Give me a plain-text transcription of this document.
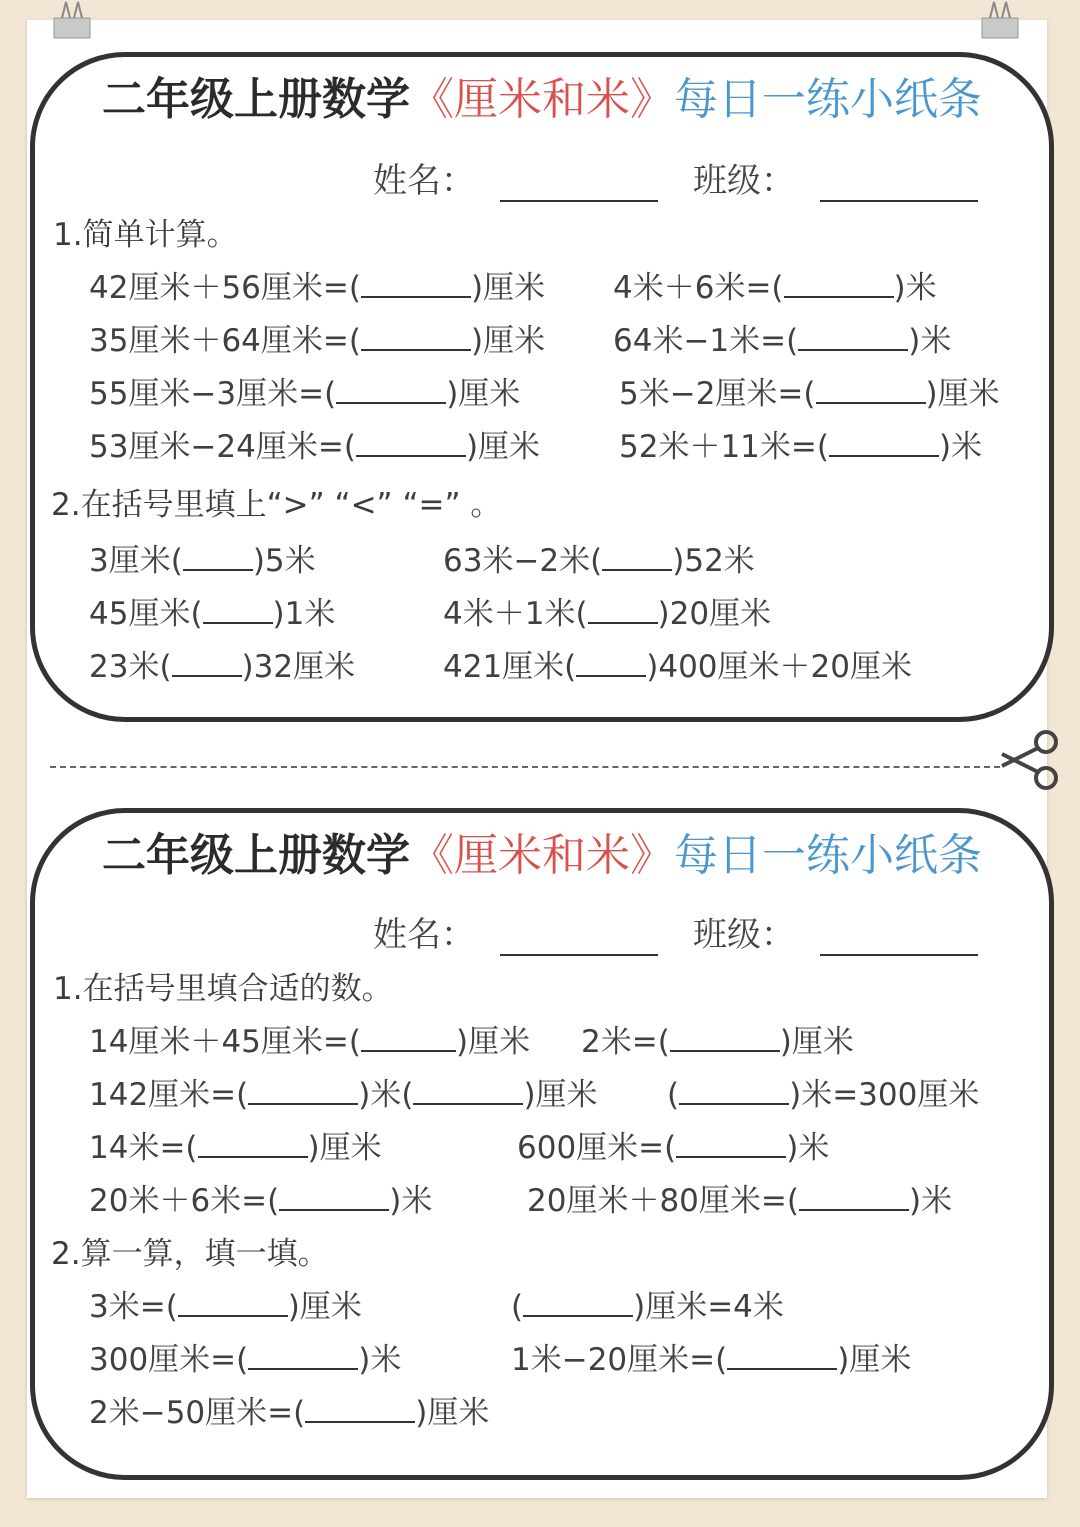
二年级上册数学《厘米和米》每日一练小纸条
姓名：	班级：
1.简单计算。
42厘米＋56厘米=(	)厘米 4米＋6米=(	)米
35厘米＋64厘米=(	)厘米 64米−1米=(	)米
55厘米−3厘米=(	)厘米	5米−2厘米=(	)厘米
53厘米−24厘米=(	)厘米	52米＋11米=(	)米
2.在括号里填上“>” “<” “=” 。
3厘米( )5米	63米−2米( )52米
45厘米( )1米	4米＋1米( )20厘米
23米( )32厘米	421厘米( )400厘米＋20厘米
二年级上册数学《厘米和米》每日一练小纸条
姓名：	班级：
1.在括号里填合适的数。
14厘米＋45厘米=(	)厘米 2米=(	)厘米
142厘米=(	)米(	)厘米 (	)米=300厘米
14米=(	)厘米	600厘米=(	)米
20米＋6米=(	)米	20厘米＋80厘米=(	)米
2.算一算，填一填。
3米=(	)厘米	(	)厘米=4米
300厘米=(	)米	1米−20厘米=(	)厘米
2米−50厘米=(	)厘米
